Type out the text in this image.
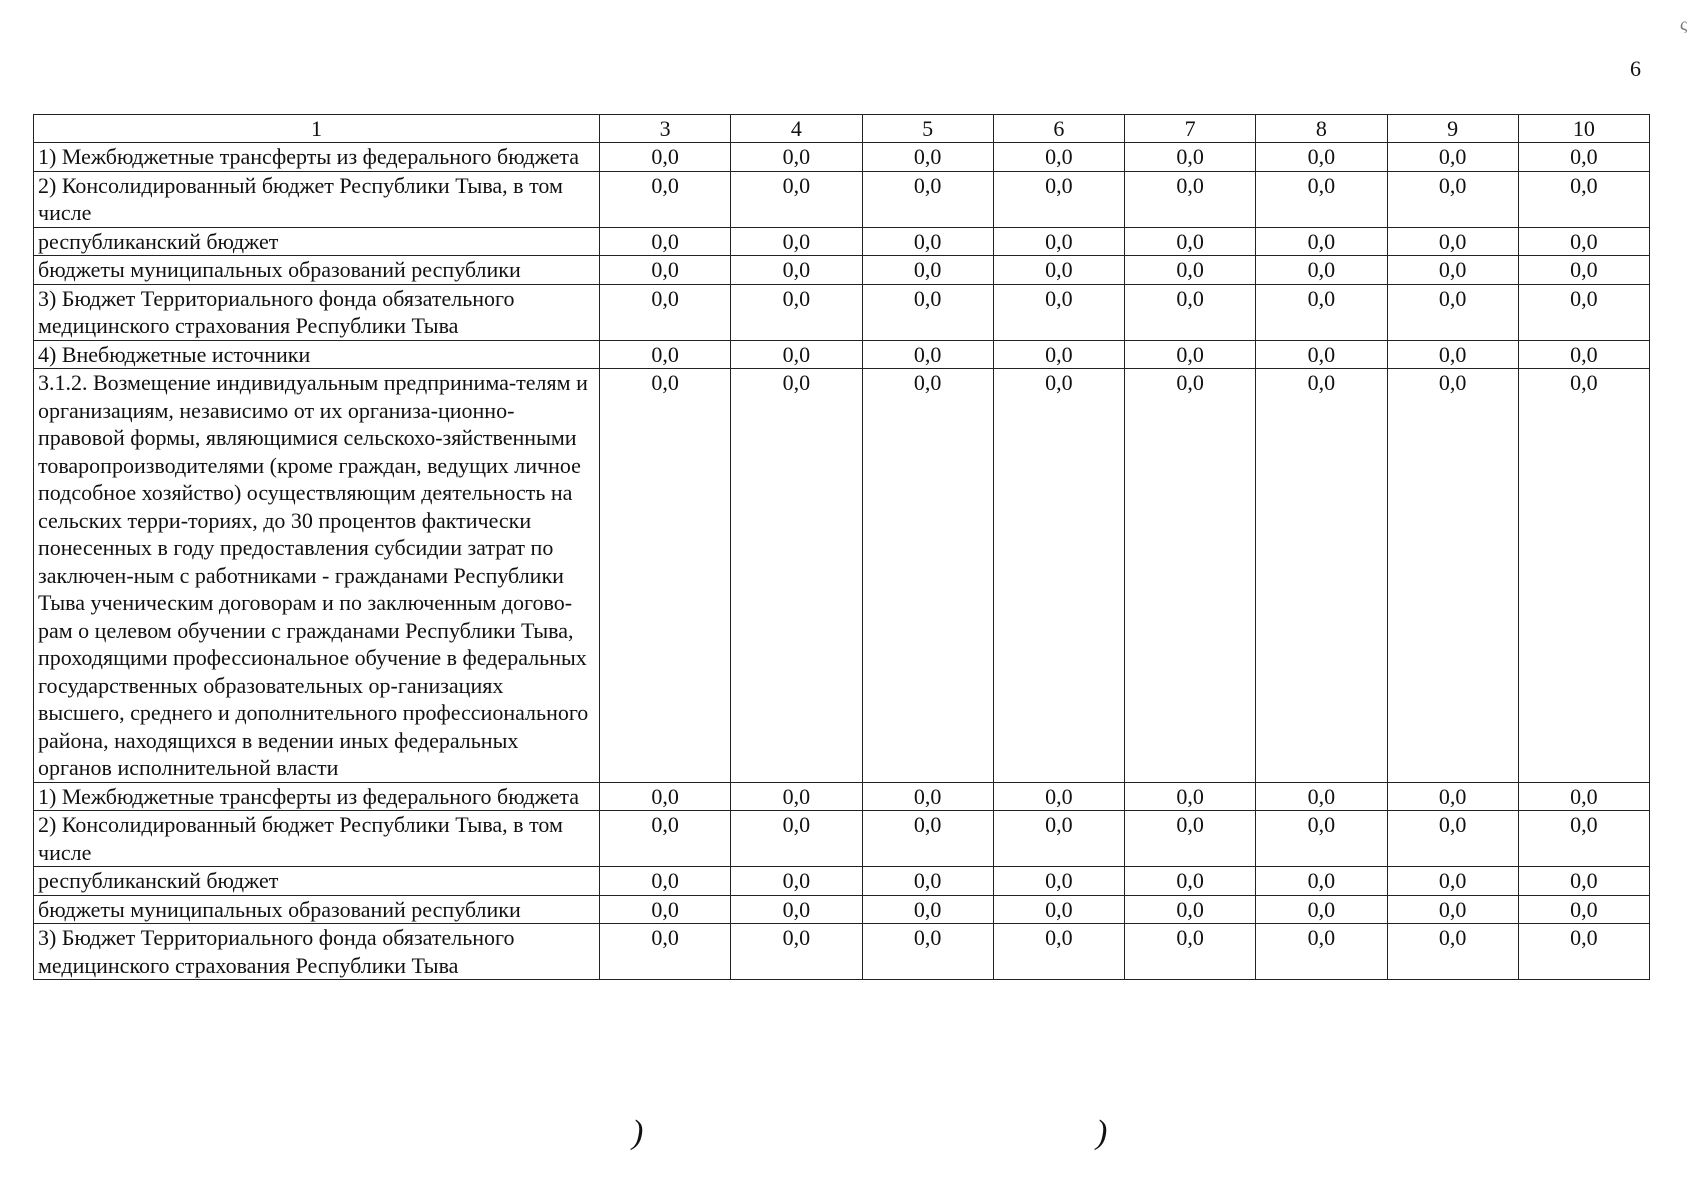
6
ς
1	3	4	5	6	7	8	9	10
1) Межбюджетные трансферты из федерального бюджета	0,0	0,0	0,0	0,0	0,0	0,0	0,0	0,0
2) Консолидированный бюджет Республики Тыва, в том числе	0,0	0,0	0,0	0,0	0,0	0,0	0,0	0,0
республиканский бюджет	0,0	0,0	0,0	0,0	0,0	0,0	0,0	0,0
бюджеты муниципальных образований республики	0,0	0,0	0,0	0,0	0,0	0,0	0,0	0,0
3) Бюджет Территориального фонда обязательного медицинского страхования Республики Тыва	0,0	0,0	0,0	0,0	0,0	0,0	0,0	0,0
4) Внебюджетные источники	0,0	0,0	0,0	0,0	0,0	0,0	0,0	0,0
3.1.2. Возмещение индивидуальным предпринима-телям и организациям, независимо от их организа-ционно-правовой формы, являющимися сельскохо-зяйственными товаропроизводителями (кроме граждан, ведущих личное подсобное хозяйство) осуществляющим деятельность на сельских терри-ториях, до 30 процентов фактически понесенных в году предоставления субсидии затрат по заключен-ным с работниками - гражданами Республики Тыва ученическим договорам и по заключенным догово-рам о целевом обучении с гражданами Республики Тыва, проходящими профессиональное обучение в федеральных государственных образовательных ор-ганизациях высшего, среднего и дополнительного профессионального района, находящихся в ведении иных федеральных органов исполнительной власти	0,0	0,0	0,0	0,0	0,0	0,0	0,0	0,0
1) Межбюджетные трансферты из федерального бюджета	0,0	0,0	0,0	0,0	0,0	0,0	0,0	0,0
2) Консолидированный бюджет Республики Тыва, в том числе	0,0	0,0	0,0	0,0	0,0	0,0	0,0	0,0
республиканский бюджет	0,0	0,0	0,0	0,0	0,0	0,0	0,0	0,0
бюджеты муниципальных образований республики	0,0	0,0	0,0	0,0	0,0	0,0	0,0	0,0
3) Бюджет Территориального фонда обязательного медицинского страхования Республики Тыва	0,0	0,0	0,0	0,0	0,0	0,0	0,0	0,0
)	)
